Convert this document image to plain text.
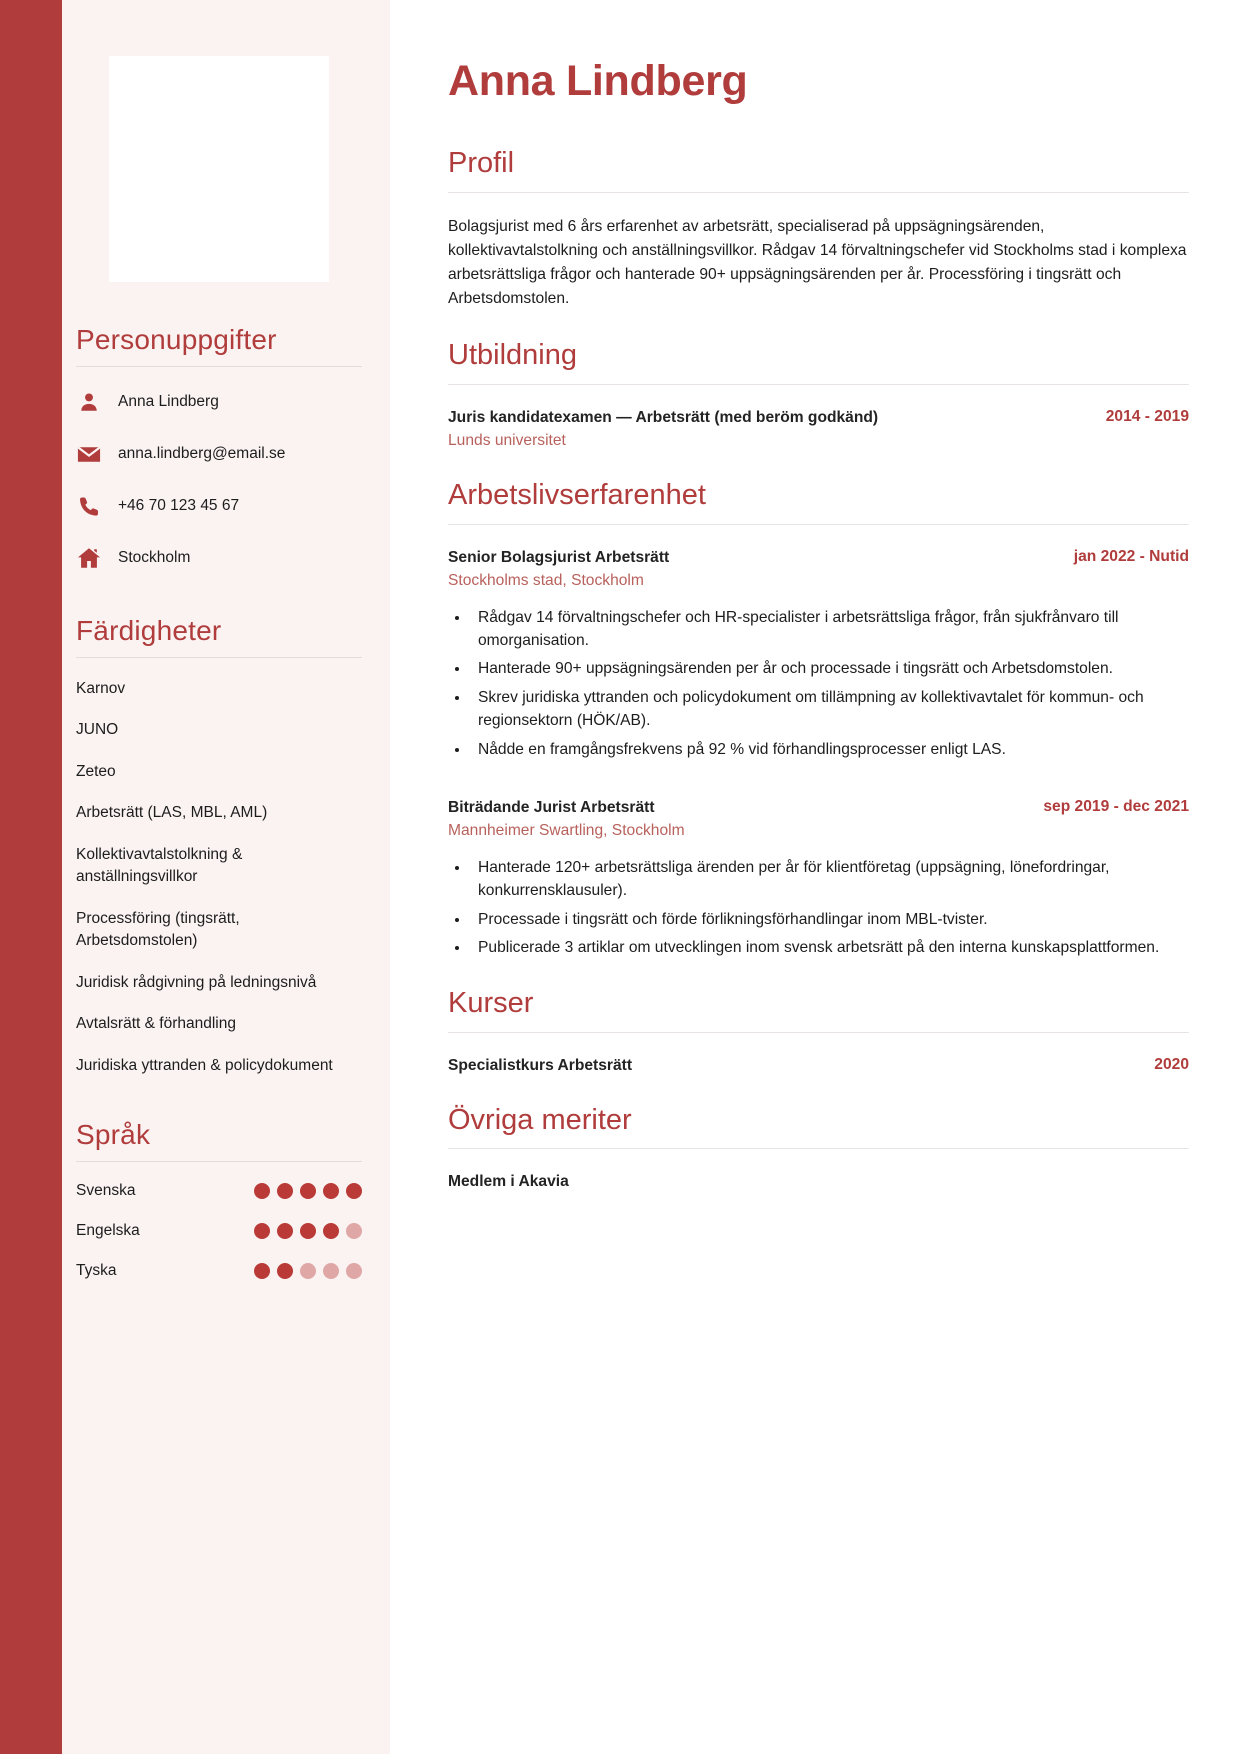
Personuppgifter
Anna Lindberg
anna.lindberg@email.se
+46 70 123 45 67
Stockholm
Färdigheter
Karnov
JUNO
Zeteo
Arbetsrätt (LAS, MBL, AML)
Kollektivavtalstolkning & anställningsvillkor
Processföring (tingsrätt, Arbetsdomstolen)
Juridisk rådgivning på ledningsnivå
Avtalsrätt & förhandling
Juridiska yttranden & policydokument
Språk
Svenska
Engelska
Tyska
Anna Lindberg
Profil

Bolagsjurist med 6 års erfarenhet av arbetsrätt, specialiserad på uppsägningsärenden, kollektivavtalstolkning och anställningsvillkor. Rådgav 14 förvaltningschefer vid Stockholms stad i komplexa arbetsrättsliga frågor och hanterade 90+ uppsägningsärenden per år. Processföring i tingsrätt och Arbetsdomstolen.

Utbildning
Juris kandidatexamen — Arbetsrätt (med beröm godkänd)	2014 - 2019
Lunds universitet
Arbetslivserfarenhet
Senior Bolagsjurist Arbetsrätt	jan 2022 - Nutid
Stockholms stad, Stockholm
• Rådgav 14 förvaltningschefer och HR-specialister i arbetsrättsliga frågor, från sjukfrånvaro till omorganisation.
• Hanterade 90+ uppsägningsärenden per år och processade i tingsrätt och Arbetsdomstolen.
• Skrev juridiska yttranden och policydokument om tillämpning av kollektivavtalet för kommun- och regionsektorn (HÖK/AB).
• Nådde en framgångsfrekvens på 92 % vid förhandlingsprocesser enligt LAS.
Biträdande Jurist Arbetsrätt	sep 2019 - dec 2021
Mannheimer Swartling, Stockholm
• Hanterade 120+ arbetsrättsliga ärenden per år för klientföretag (uppsägning, lönefordringar, konkurrensklausuler).
• Processade i tingsrätt och förde förlikningsförhandlingar inom MBL-tvister.
• Publicerade 3 artiklar om utvecklingen inom svensk arbetsrätt på den interna kunskapsplattformen.
Kurser
Specialistkurs Arbetsrätt	2020
Övriga meriter
Medlem i Akavia
